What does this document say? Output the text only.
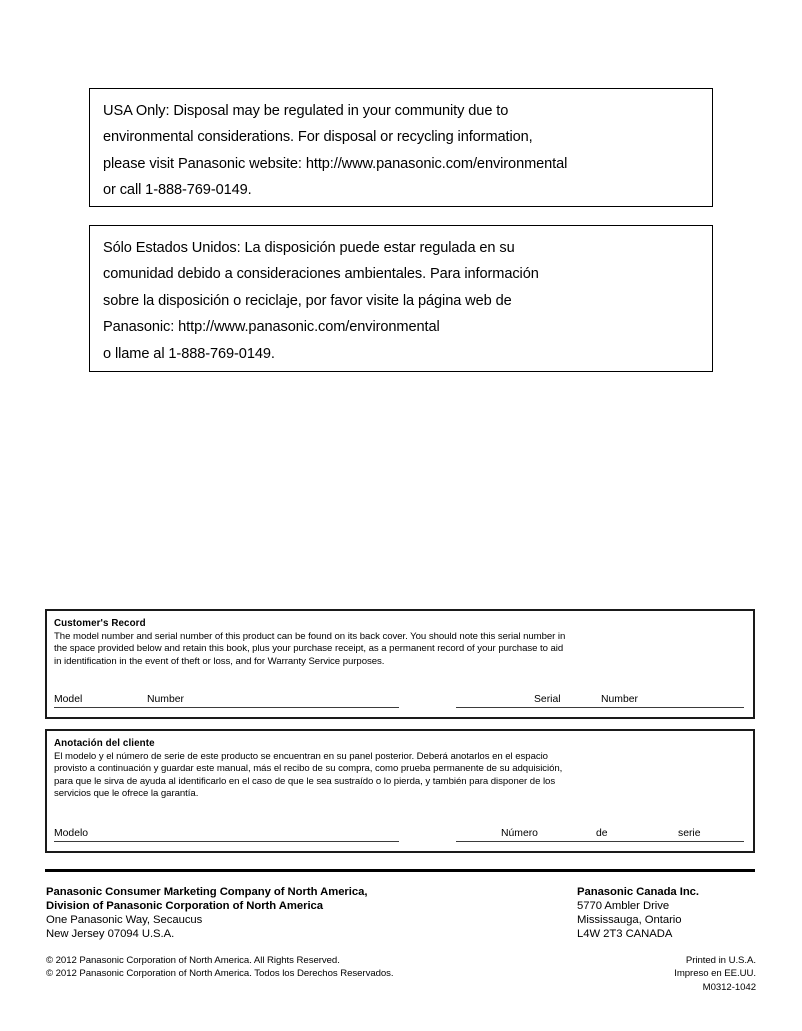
USA Only: Disposal may be regulated in your community due to
environmental considerations. For disposal or recycling information,
please visit Panasonic website: http://www.panasonic.com/environmental
or call 1-888-769-0149.
Sólo Estados Unidos: La disposición puede estar regulada en su
comunidad debido a consideraciones ambientales. Para información
sobre la disposición o reciclaje, por favor visite la página web de
Panasonic: http://www.panasonic.com/environmental
o llame al 1-888-769-0149.
Customer's Record
The model number and serial number of this product can be found on its back cover. You should note this serial number in
the space provided below and retain this book, plus your purchase receipt, as a permanent record of your purchase to aid
in identification in the event of theft or loss, and for Warranty Service purposes.
Model	Number	Serial	Number
Anotación del cliente
El modelo y el número de serie de este producto se encuentran en su panel posterior. Deberá anotarlos en el espacio
provisto a continuación y guardar este manual, más el recibo de su compra, como prueba permanente de su adquisición,
para que le sirva de ayuda al identificarlo en el caso de que le sea sustraído o lo pierda, y también para disponer de los
servicios que le ofrece la garantía.
Modelo	Número	de	serie
Panasonic Consumer Marketing Company of North America,
Division of Panasonic Corporation of North America
One Panasonic Way, Secaucus
New Jersey 07094 U.S.A.
Panasonic Canada Inc.
5770 Ambler Drive
Mississauga, Ontario
L4W 2T3 CANADA
© 2012 Panasonic Corporation of North America. All Rights Reserved.
© 2012 Panasonic Corporation of North America. Todos los Derechos Reservados.
Printed in U.S.A.
Impreso en EE.UU.
M0312-1042
